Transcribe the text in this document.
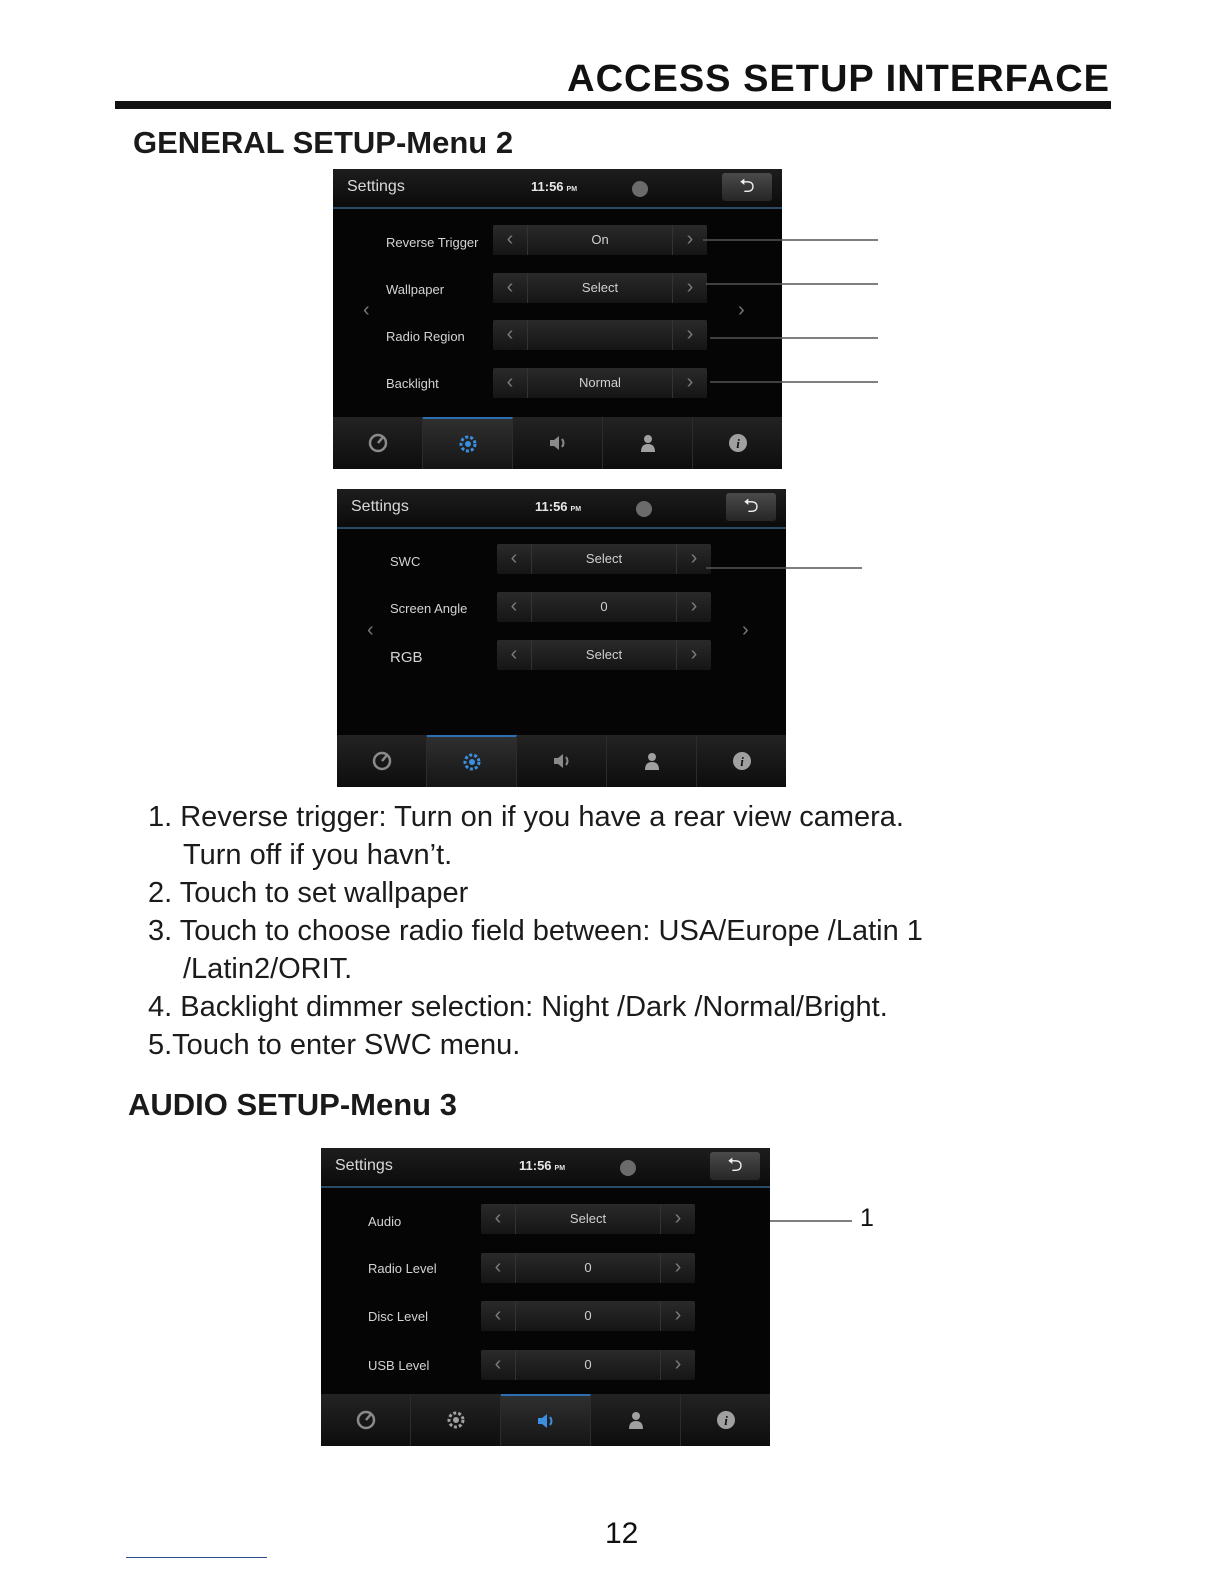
ACCESS SETUP INTERFACE
GENERAL SETUP-Menu 2
Settings	11:56 PM	⮌
‹	›
Reverse Trigger	‹	On	›
Wallpaper	‹	Select	›
Radio Region	‹	›
Backlight	‹	Normal	›
i
Settings	11:56 PM	⮌
‹	›
SWC	‹	Select	›
Screen Angle	‹	0	›
RGB	‹	Select	›
i
1. Reverse trigger: Turn on if you have a rear view camera.
Turn off if you havn’t.
2. Touch to set wallpaper
3. Touch to choose radio field between: USA/Europe /Latin 1
/Latin2/ORIT.
4. Backlight dimmer selection: Night /Dark /Normal/Bright.
5.Touch to enter SWC menu.
AUDIO SETUP-Menu 3
Settings	11:56 PM	⮌
Audio	‹	Select	›
Radio Level	‹	0	›
Disc Level	‹	0	›
USB Level	‹	0	›
i
1
12
